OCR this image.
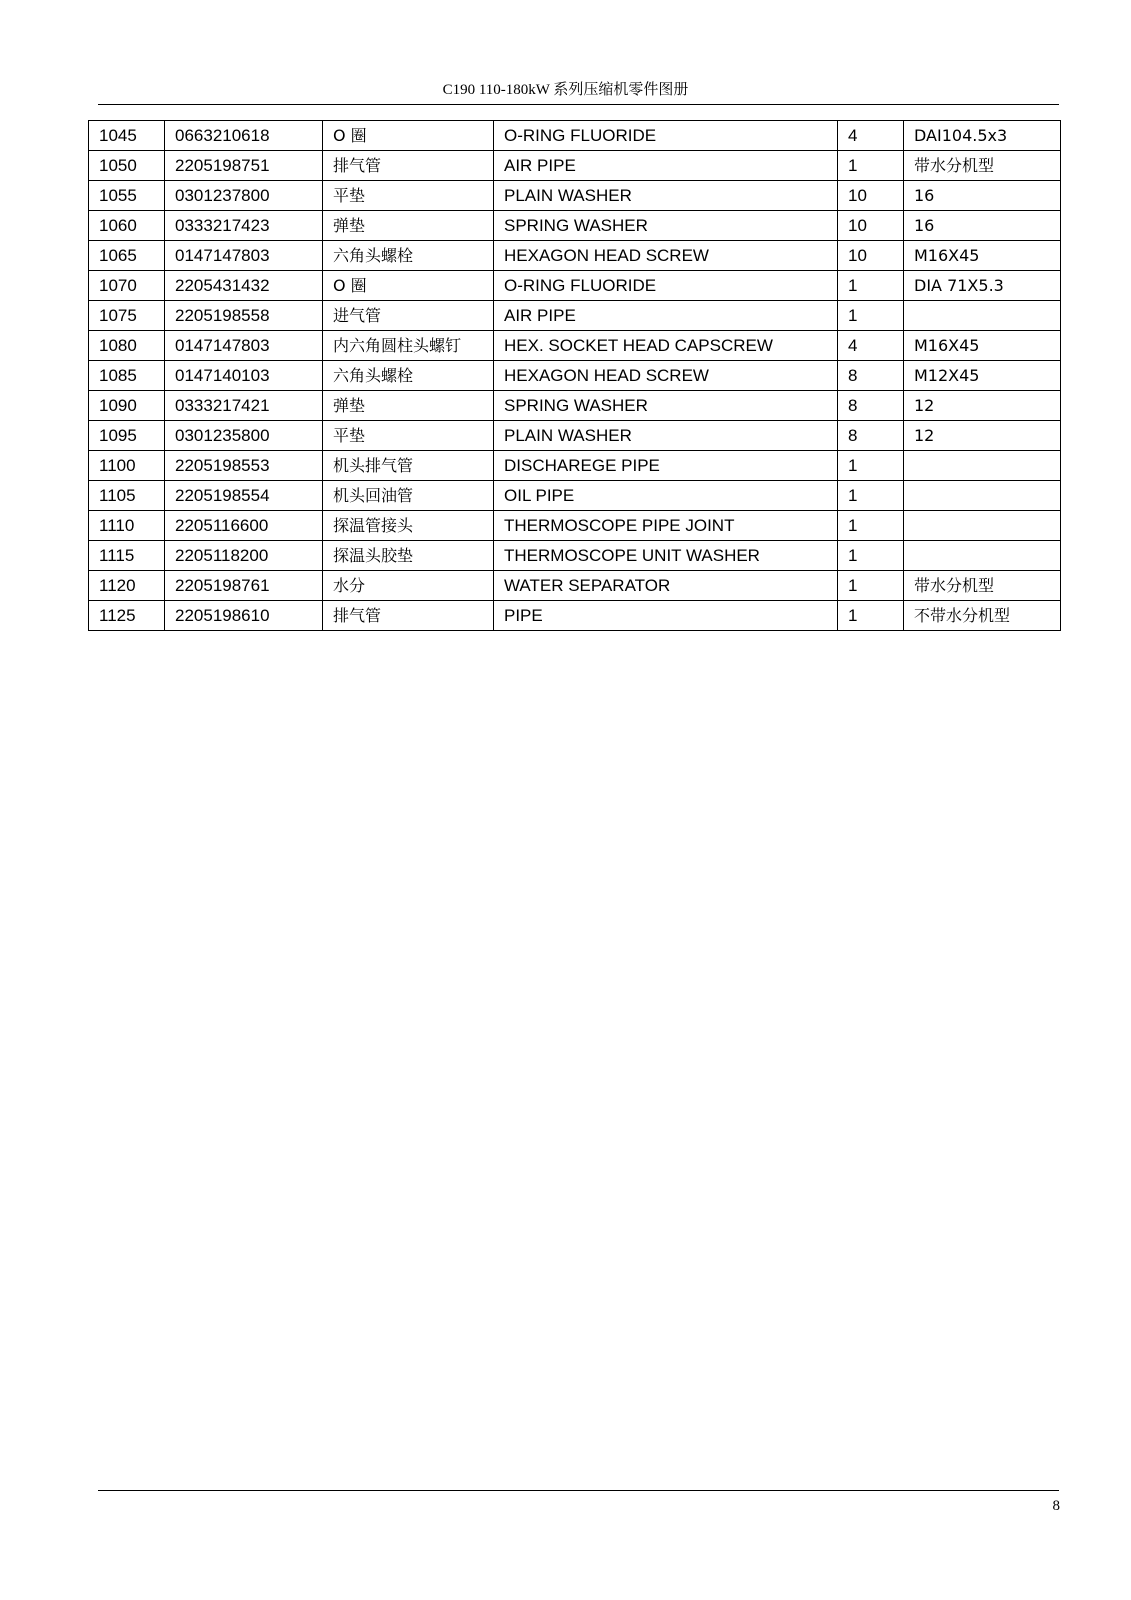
C190 110-180kW 系列压缩机零件图册
1045	0663210618	O 圈	O-RING FLUORIDE	4	DAI104.5x3
1050	2205198751	排气管	AIR PIPE	1	带水分机型
1055	0301237800	平垫	PLAIN WASHER	10	16
1060	0333217423	弹垫	SPRING WASHER	10	16
1065	0147147803	六角头螺栓	HEXAGON HEAD SCREW	10	M16X45
1070	2205431432	O 圈	O-RING FLUORIDE	1	DIA 71X5.3
1075	2205198558	进气管	AIR PIPE	1	
1080	0147147803	内六角圆柱头螺钉	HEX. SOCKET HEAD CAPSCREW	4	M16X45
1085	0147140103	六角头螺栓	HEXAGON HEAD SCREW	8	M12X45
1090	0333217421	弹垫	SPRING WASHER	8	12
1095	0301235800	平垫	PLAIN WASHER	8	12
1100	2205198553	机头排气管	DISCHAREGE PIPE	1	
1105	2205198554	机头回油管	OIL PIPE	1	
1110	2205116600	探温管接头	THERMOSCOPE PIPE JOINT	1	
1115	2205118200	探温头胶垫	THERMOSCOPE UNIT WASHER	1	
1120	2205198761	水分	WATER SEPARATOR	1	带水分机型
1125	2205198610	排气管	PIPE	1	不带水分机型
8
